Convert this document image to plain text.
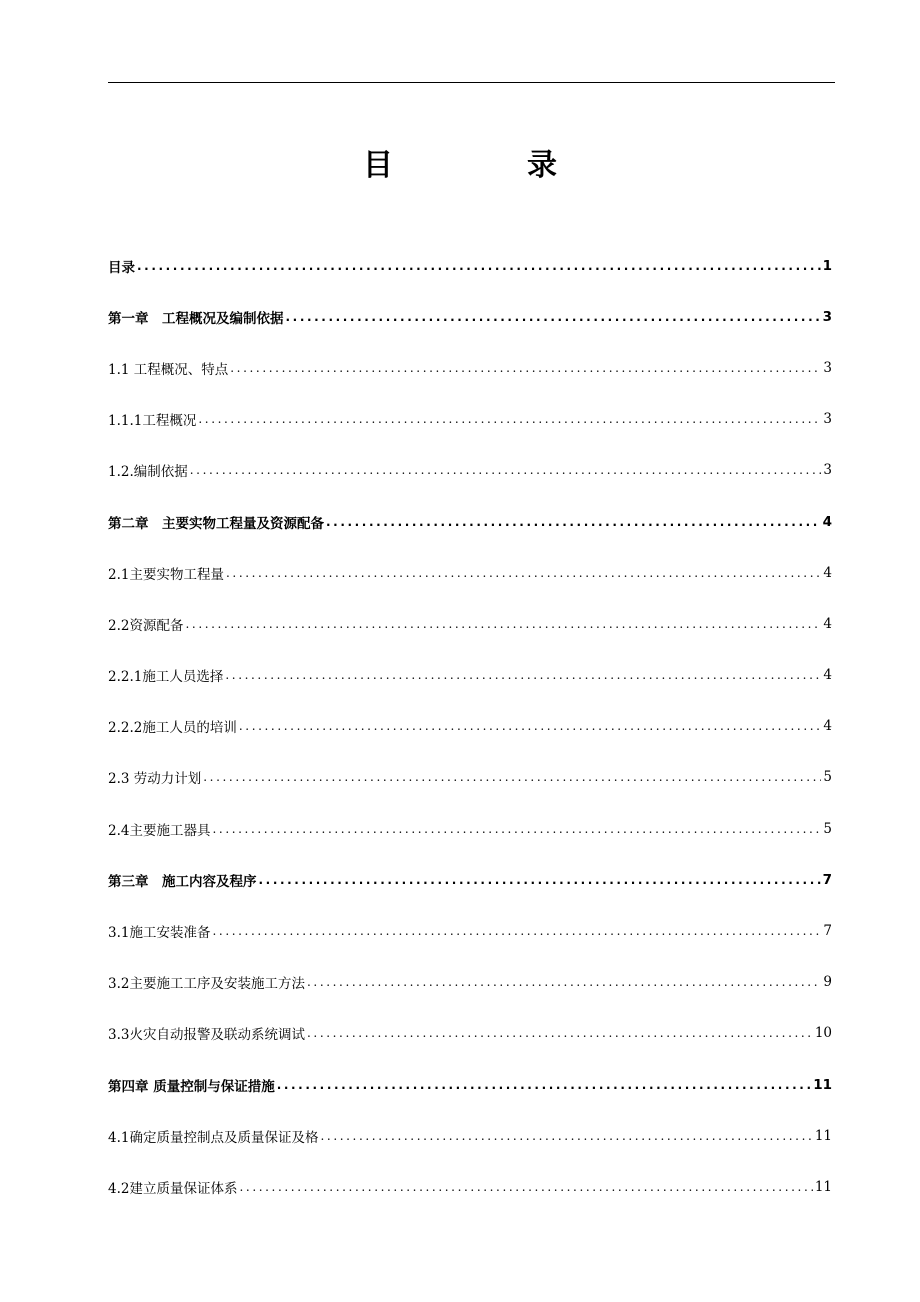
目　录
目录 .....	1
第一章　工程概况及编制依据 .....	3
1.1 工程概况、特点 .....	3
1.1.1工程概况 .....	3
1.2.编制依据 .....	3
第二章　主要实物工程量及资源配备 .....	4
2.1主要实物工程量 .....	4
2.2资源配备 .....	4
2.2.1施工人员选择 .....	4
2.2.2施工人员的培训 .....	4
2.3 劳动力计划 .....	5
2.4主要施工器具 .....	5
第三章　施工内容及程序 .....	7
3.1施工安装准备 .....	7
3.2主要施工工序及安装施工方法 .....	9
3.3火灾自动报警及联动系统调试 .....	10
第四章 质量控制与保证措施 .....	11
4.1确定质量控制点及质量保证及格 .....	11
4.2建立质量保证体系 .....	11
